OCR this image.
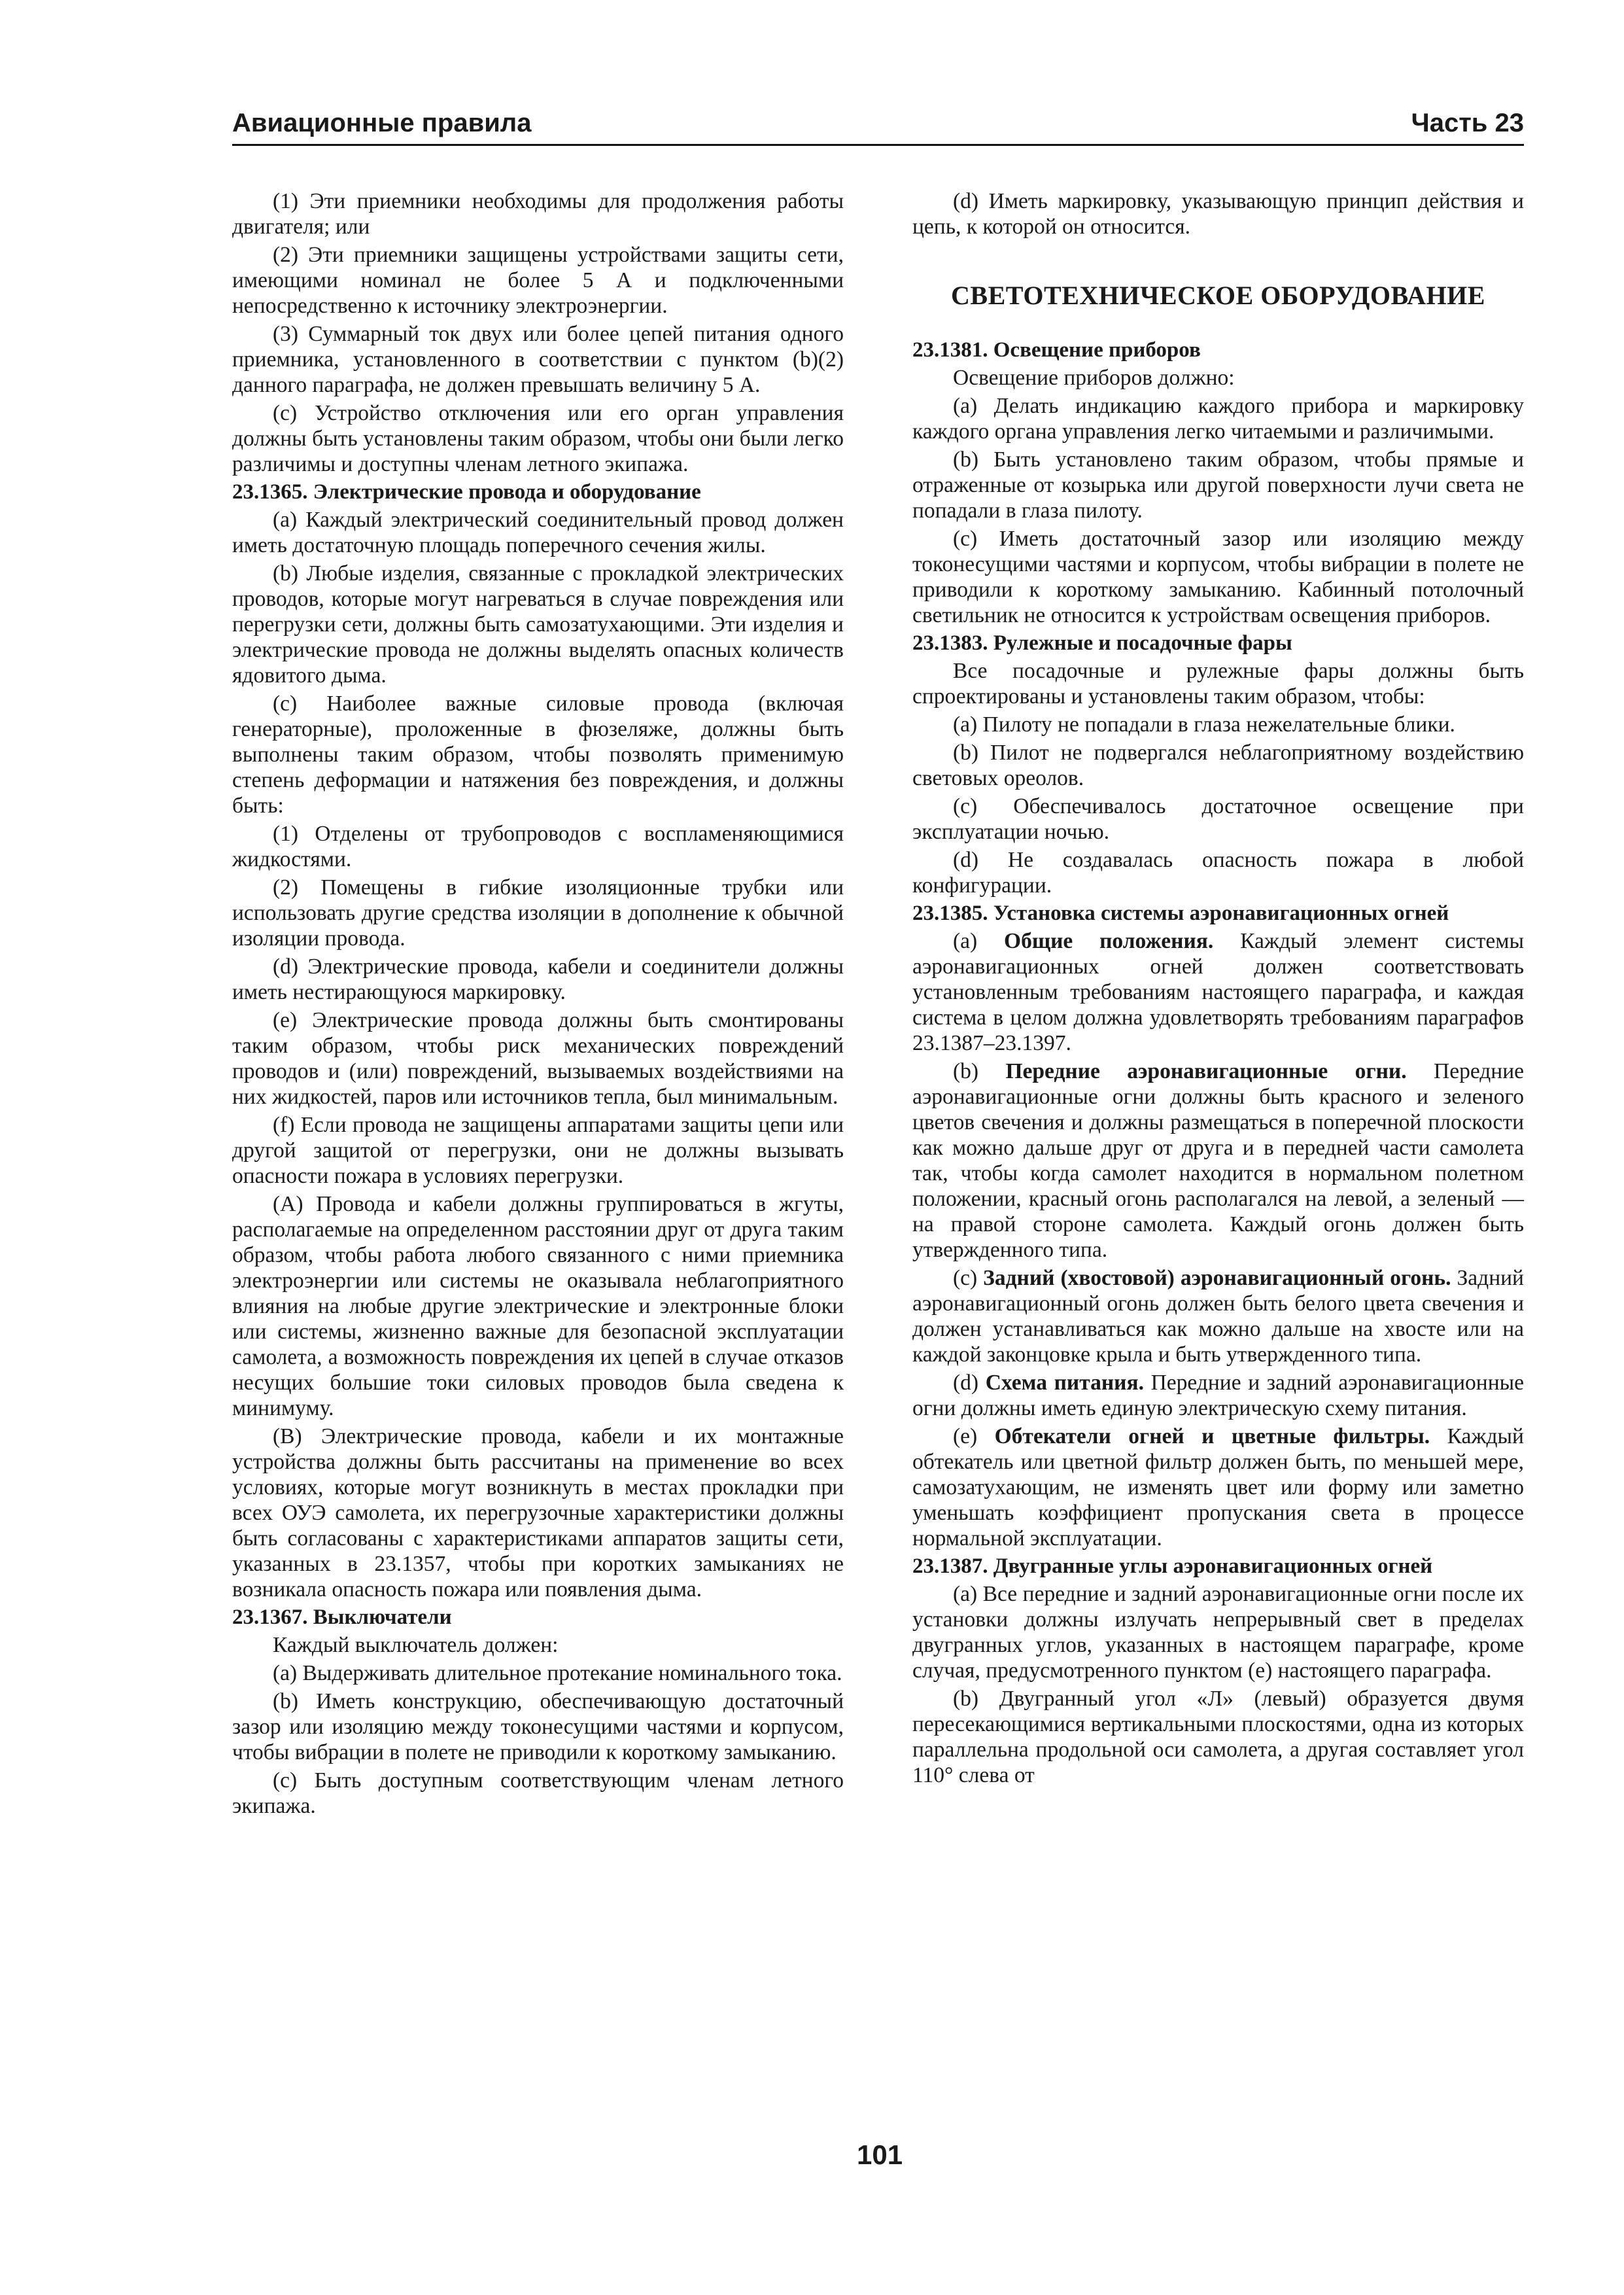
Авиационные правила	Часть 23

(1) Эти приемники необходимы для продолжения работы двигателя; или

(2) Эти приемники защищены устройствами защиты сети, имеющими номинал не более 5 А и подключенными непосредственно к источнику электроэнергии.

(3) Суммарный ток двух или более цепей питания одного приемника, установленного в соответствии с пунктом (b)(2) данного параграфа, не должен превышать величину 5 А.

(c) Устройство отключения или его орган управления должны быть установлены таким образом, чтобы они были легко различимы и доступны членам летного экипажа.

23.1365. Электрические провода и оборудование

(a) Каждый электрический соединительный провод должен иметь достаточную площадь поперечного сечения жилы.

(b) Любые изделия, связанные с прокладкой электрических проводов, которые могут нагреваться в случае повреждения или перегрузки сети, должны быть самозатухающими. Эти изделия и электрические провода не должны выделять опасных количеств ядовитого дыма.

(c) Наиболее важные силовые провода (включая генераторные), проложенные в фюзеляже, должны быть выполнены таким образом, чтобы позволять применимую степень деформации и натяжения без повреждения, и должны быть:

(1) Отделены от трубопроводов с воспламеняющимися жидкостями.

(2) Помещены в гибкие изоляционные трубки или использовать другие средства изоляции в дополнение к обычной изоляции провода.

(d) Электрические провода, кабели и соединители должны иметь нестирающуюся маркировку.

(e) Электрические провода должны быть смонтированы таким образом, чтобы риск механических повреждений проводов и (или) повреждений, вызываемых воздействиями на них жидкостей, паров или источников тепла, был минимальным.

(f) Если провода не защищены аппаратами защиты цепи или другой защитой от перегрузки, они не должны вызывать опасности пожара в условиях перегрузки.

(A) Провода и кабели должны группироваться в жгуты, располагаемые на определенном расстоянии друг от друга таким образом, чтобы работа любого связанного с ними приемника электроэнергии или системы не оказывала неблагоприятного влияния на любые другие электрические и электронные блоки или системы, жизненно важные для безопасной эксплуатации самолета, а возможность повреждения их цепей в случае отказов несущих большие токи силовых проводов была сведена к минимуму.

(B) Электрические провода, кабели и их монтажные устройства должны быть рассчитаны на применение во всех условиях, которые могут возникнуть в местах прокладки при всех ОУЭ самолета, их перегрузочные характеристики должны быть согласованы с характеристиками аппаратов защиты сети, указанных в 23.1357, чтобы при коротких замыканиях не возникала опасность пожара или появления дыма.

23.1367. Выключатели

Каждый выключатель должен:

(a) Выдерживать длительное протекание номинального тока.

(b) Иметь конструкцию, обеспечивающую достаточный зазор или изоляцию между токонесущими частями и корпусом, чтобы вибрации в полете не приводили к короткому замыканию.

(c) Быть доступным соответствующим членам летного экипажа.

(d) Иметь маркировку, указывающую принцип действия и цепь, к которой он относится.

СВЕТОТЕХНИЧЕСКОЕ ОБОРУДОВАНИЕ

23.1381. Освещение приборов

Освещение приборов должно:

(a) Делать индикацию каждого прибора и маркировку каждого органа управления легко читаемыми и различимыми.

(b) Быть установлено таким образом, чтобы прямые и отраженные от козырька или другой поверхности лучи света не попадали в глаза пилоту.

(c) Иметь достаточный зазор или изоляцию между токонесущими частями и корпусом, чтобы вибрации в полете не приводили к короткому замыканию. Кабинный потолочный светильник не относится к устройствам освещения приборов.

23.1383. Рулежные и посадочные фары

Все посадочные и рулежные фары должны быть спроектированы и установлены таким образом, чтобы:

(a) Пилоту не попадали в глаза нежелательные блики.

(b) Пилот не подвергался неблагоприятному воздействию световых ореолов.

(c) Обеспечивалось достаточное освещение при эксплуатации ночью.

(d) Не создавалась опасность пожара в любой конфигурации.

23.1385. Установка системы аэронавигационных огней

(a) Общие положения. Каждый элемент системы аэронавигационных огней должен соответствовать установленным требованиям настоящего параграфа, и каждая система в целом должна удовлетворять требованиям параграфов 23.1387–23.1397.

(b) Передние аэронавигационные огни. Передние аэронавигационные огни должны быть красного и зеленого цветов свечения и должны размещаться в поперечной плоскости как можно дальше друг от друга и в передней части самолета так, чтобы когда самолет находится в нормальном полетном положении, красный огонь располагался на левой, а зеленый — на правой стороне самолета. Каждый огонь должен быть утвержденного типа.

(c) Задний (хвостовой) аэронавигационный огонь. Задний аэронавигационный огонь должен быть белого цвета свечения и должен устанавливаться как можно дальше на хвосте или на каждой законцовке крыла и быть утвержденного типа.

(d) Схема питания. Передние и задний аэронавигационные огни должны иметь единую электрическую схему питания.

(e) Обтекатели огней и цветные фильтры. Каждый обтекатель или цветной фильтр должен быть, по меньшей мере, самозатухающим, не изменять цвет или форму или заметно уменьшать коэффициент пропускания света в процессе нормальной эксплуатации.

23.1387. Двугранные углы аэронавигационных огней

(a) Все передние и задний аэронавигационные огни после их установки должны излучать непрерывный свет в пределах двугранных углов, указанных в настоящем параграфе, кроме случая, предусмотренного пунктом (е) настоящего параграфа.

(b) Двугранный угол «Л» (левый) образуется двумя пересекающимися вертикальными плоскостями, одна из которых параллельна продольной оси самолета, а другая составляет угол 110° слева от

101
